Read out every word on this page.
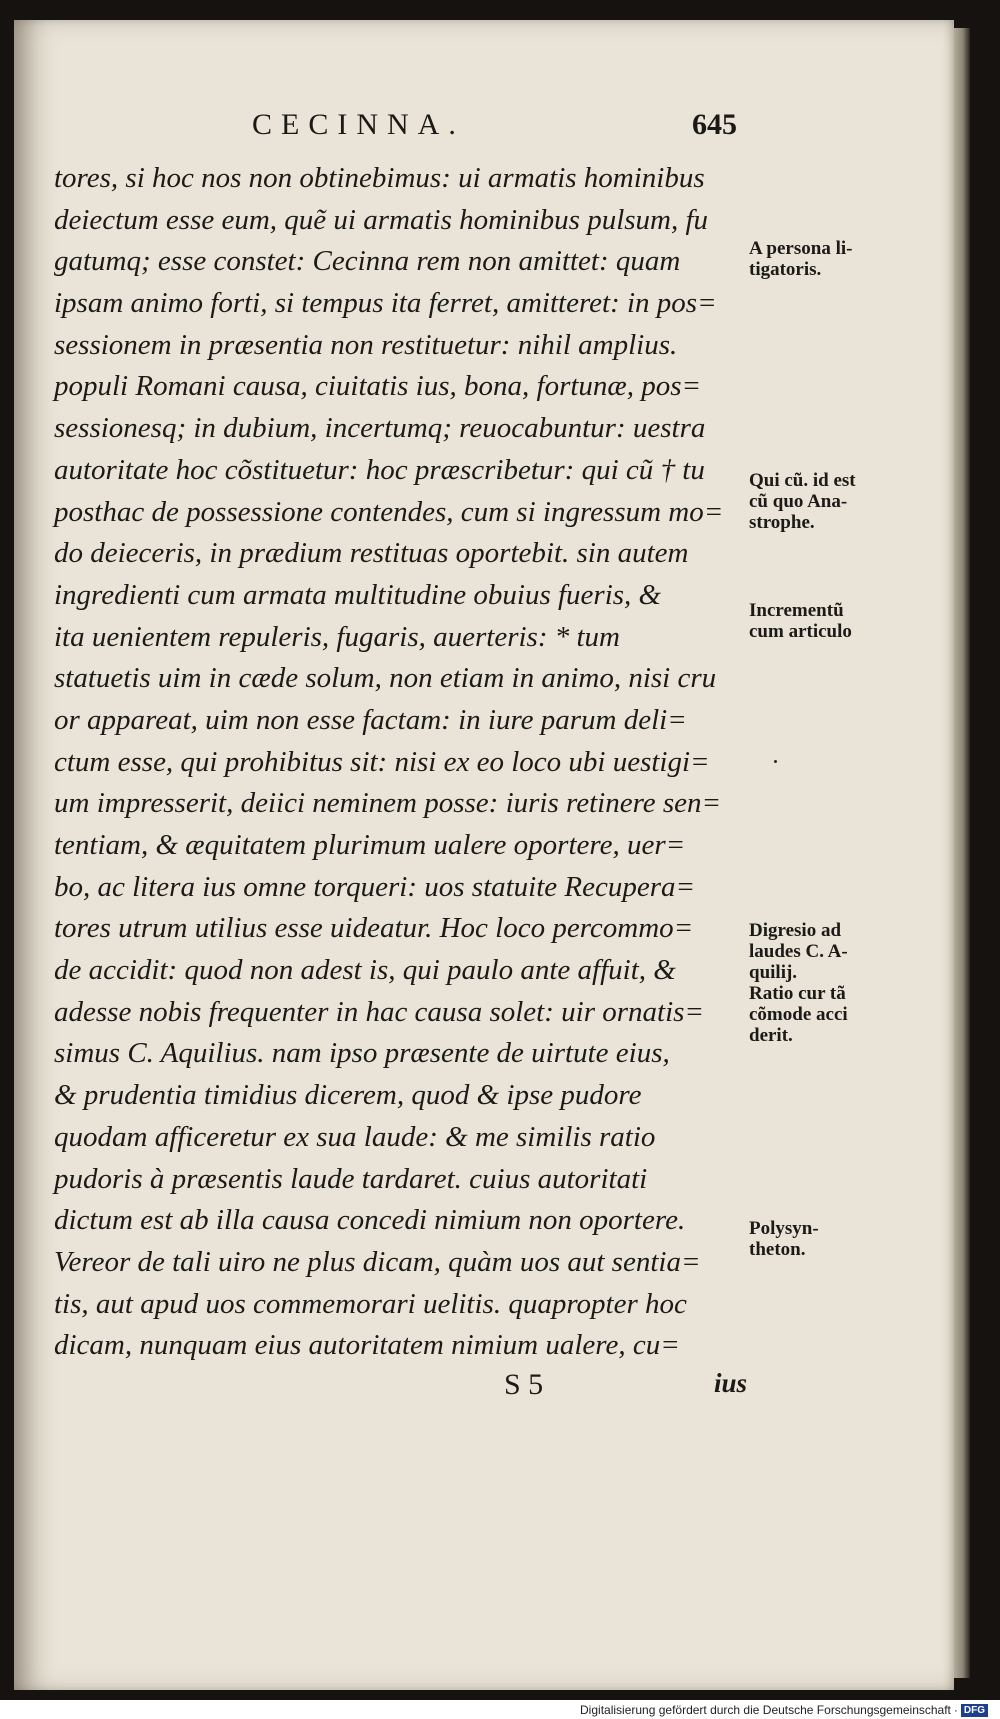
CECINNA.	645
tores, si hoc nos non obtinebimus: ui armatis hominibus
deiectum esse eum, quẽ ui armatis hominibus pulsum, fu
gatumq; esse constet: Cecinna rem non amittet: quam
ipsam animo forti, si tempus ita ferret, amitteret: in pos=
sessionem in præsentia non restituetur: nihil amplius.
populi Romani causa, ciuitatis ius, bona, fortunæ, pos=
sessionesq; in dubium, incertumq; reuocabuntur: uestra
autoritate hoc cõstituetur: hoc præscribetur: qui cũ † tu
posthac de possessione contendes, cum si ingressum mo=
do deieceris, in prædium restituas oportebit. sin autem
ingredienti cum armata multitudine obuius fueris, &
ita uenientem repuleris, fugaris, auerteris: * tum
statuetis uim in cæde solum, non etiam in animo, nisi cru
or appareat, uim non esse factam: in iure parum deli=
ctum esse, qui prohibitus sit: nisi ex eo loco ubi uestigi=
um impresserit, deiici neminem posse: iuris retinere sen=
tentiam, & æquitatem plurimum ualere oportere, uer=
bo, ac litera ius omne torqueri: uos statuite Recupera=
tores utrum utilius esse uideatur. Hoc loco percommo=
de accidit: quod non adest is, qui paulo ante affuit, &
adesse nobis frequenter in hac causa solet: uir ornatis=
simus C. Aquilius. nam ipso præsente de uirtute eius,
& prudentia timidius dicerem, quod & ipse pudore
quodam afficeretur ex sua laude: & me similis ratio
pudoris à præsentis laude tardaret. cuius autoritati
dictum est ab illa causa concedi nimium non oportere.
Vereor de tali uiro ne plus dicam, quàm uos aut sentia=
tis, aut apud uos commemorari uelitis. quapropter hoc
dicam, nunquam eius autoritatem nimium ualere, cu=
A persona li-
tigatoris.
Qui cũ. id est
cũ quo Ana-
strophe.
Incrementũ
cum articulo
Digresio ad
laudes C. A-
quilij.
Ratio cur tã
cõmode acci
derit.
Polysyn-
theton.
S 5	ius
Digitalisierung gefördert durch die Deutsche Forschungsgemeinschaft · DFG
